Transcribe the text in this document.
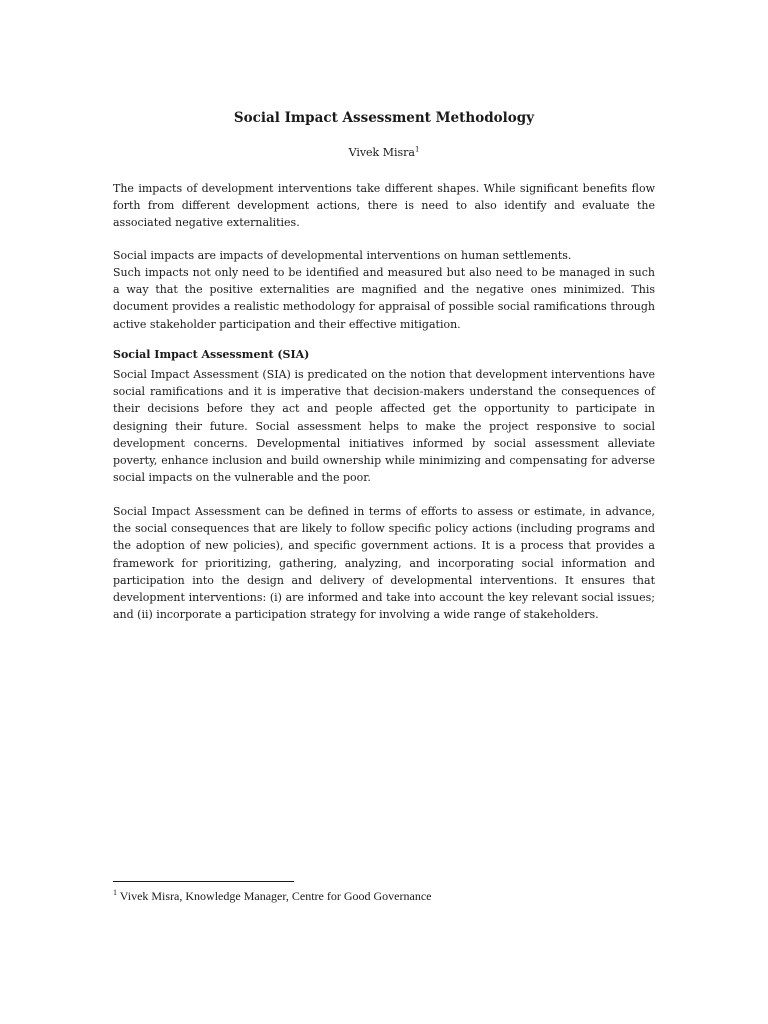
Social Impact Assessment Methodology

Vivek Misra$^1$

The impacts of development interventions take different shapes. While significant benefits flow forth from different development actions, there is need to also identify and evaluate the associated negative externalities.

Social impacts are impacts of developmental interventions on human settlements.

Such impacts not only need to be identified and measured but also need to be managed in such a way that the positive externalities are magnified and the negative ones minimized. This document provides a realistic methodology for appraisal of possible social ramifications through active stakeholder participation and their effective mitigation.

Social Impact Assessment (SIA)

Social Impact Assessment (SIA) is predicated on the notion that development interventions have social ramifications and it is imperative that decision-makers understand the consequences of their decisions before they act and people affected get the opportunity to participate in designing their future. Social assessment helps to make the project responsive to social development concerns. Developmental initiatives informed by social assessment alleviate poverty, enhance inclusion and build ownership while minimizing and compensating for adverse social impacts on the vulnerable and the poor.

Social Impact Assessment can be defined in terms of efforts to assess or estimate, in advance, the social consequences that are likely to follow specific policy actions (including programs and the adoption of new policies), and specific government actions. It is a process that provides a framework for prioritizing, gathering, analyzing, and incorporating social information and participation into the design and delivery of developmental interventions. It ensures that development interventions: (i) are informed and take into account the key relevant social issues; and (ii) incorporate a participation strategy for involving a wide range of stakeholders.

$^1$ Vivek Misra, Knowledge Manager, Centre for Good Governance
